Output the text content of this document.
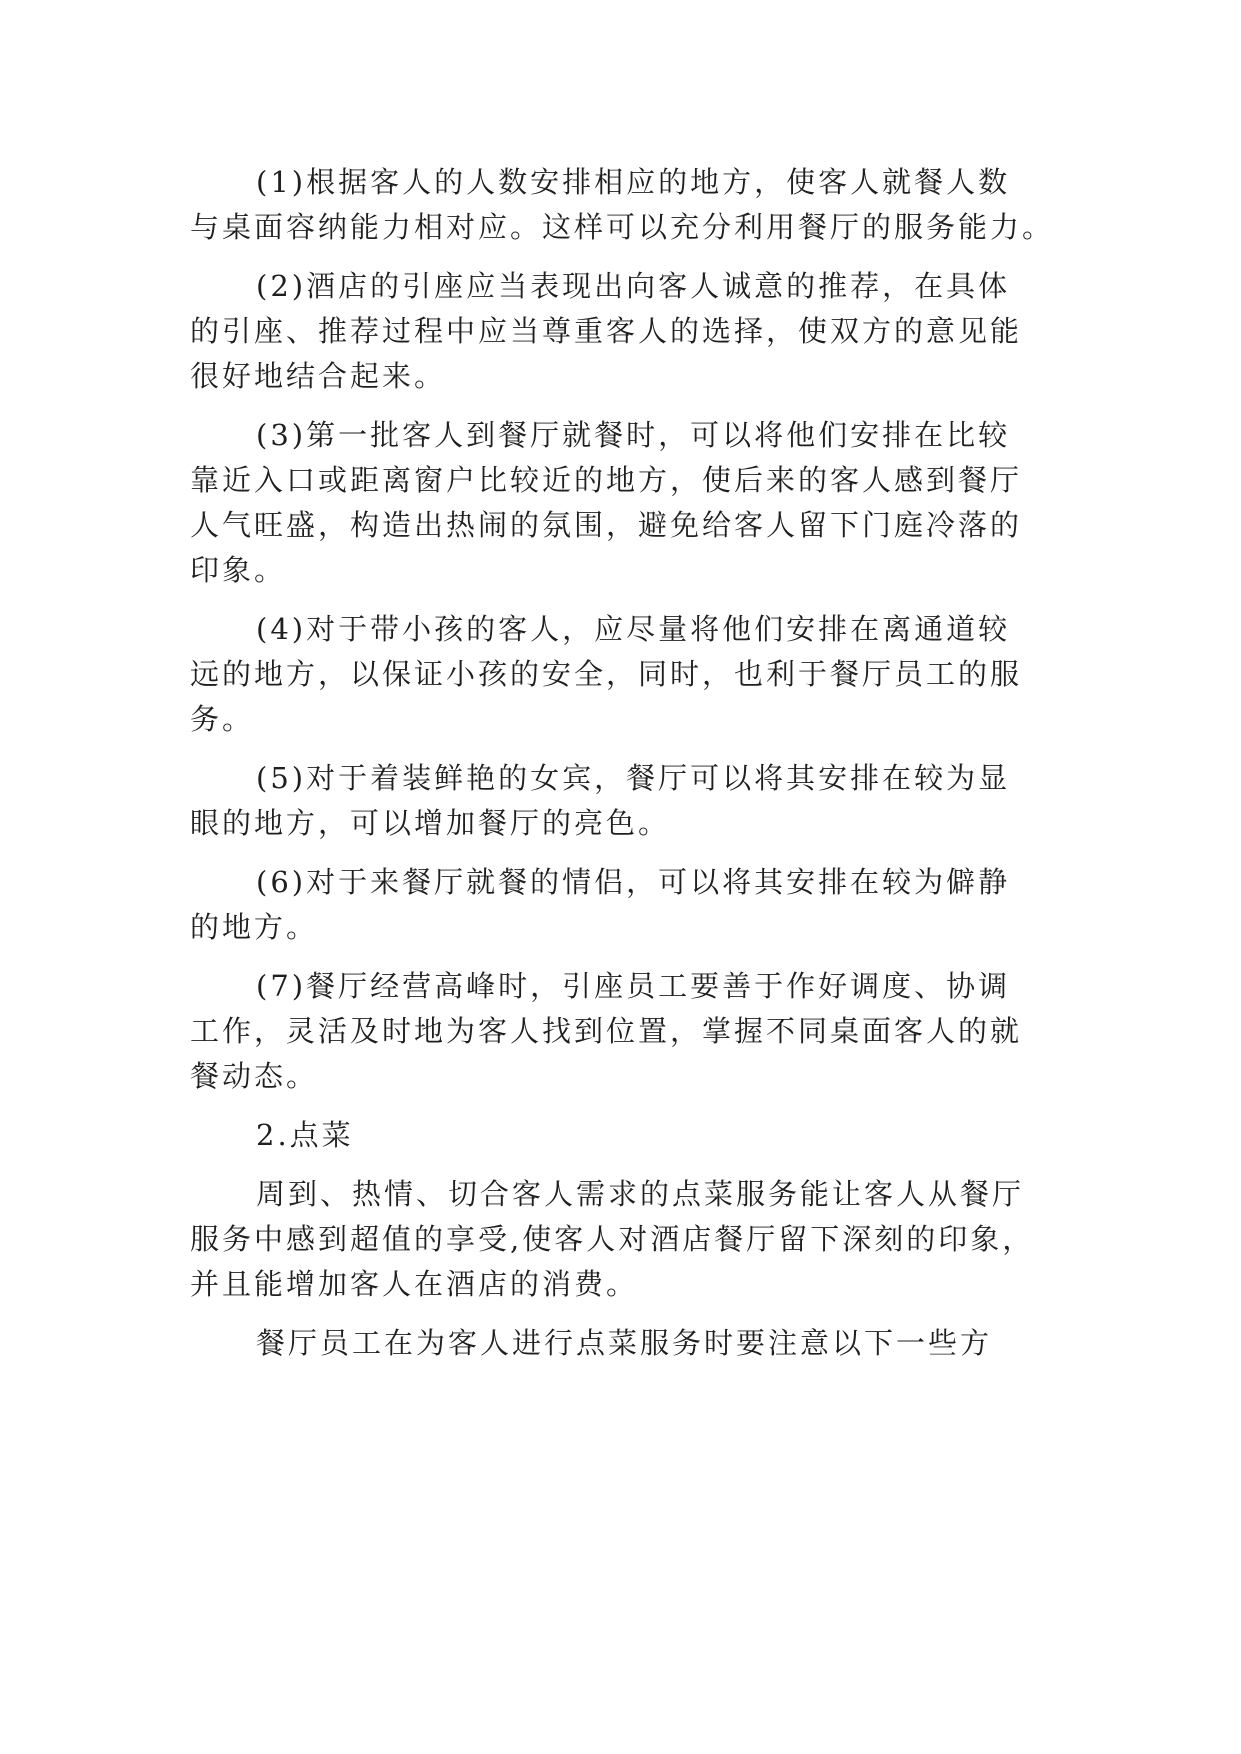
(1)根据客人的人数安排相应的地方，使客人就餐人数
与桌面容纳能力相对应。这样可以充分利用餐厅的服务能力。
(2)酒店的引座应当表现出向客人诚意的推荐，在具体
的引座、推荐过程中应当尊重客人的选择，使双方的意见能
很好地结合起来。
(3)第一批客人到餐厅就餐时，可以将他们安排在比较
靠近入口或距离窗户比较近的地方，使后来的客人感到餐厅
人气旺盛，构造出热闹的氛围，避免给客人留下门庭冷落的
印象。
(4)对于带小孩的客人，应尽量将他们安排在离通道较
远的地方，以保证小孩的安全，同时，也利于餐厅员工的服
务。
(5)对于着装鲜艳的女宾，餐厅可以将其安排在较为显
眼的地方，可以增加餐厅的亮色。
(6)对于来餐厅就餐的情侣，可以将其安排在较为僻静
的地方。
(7)餐厅经营高峰时，引座员工要善于作好调度、协调
工作，灵活及时地为客人找到位置，掌握不同桌面客人的就
餐动态。
2.点菜
周到、热情、切合客人需求的点菜服务能让客人从餐厅
服务中感到超值的享受,使客人对酒店餐厅留下深刻的印象，
并且能增加客人在酒店的消费。
餐厅员工在为客人进行点菜服务时要注意以下一些方
